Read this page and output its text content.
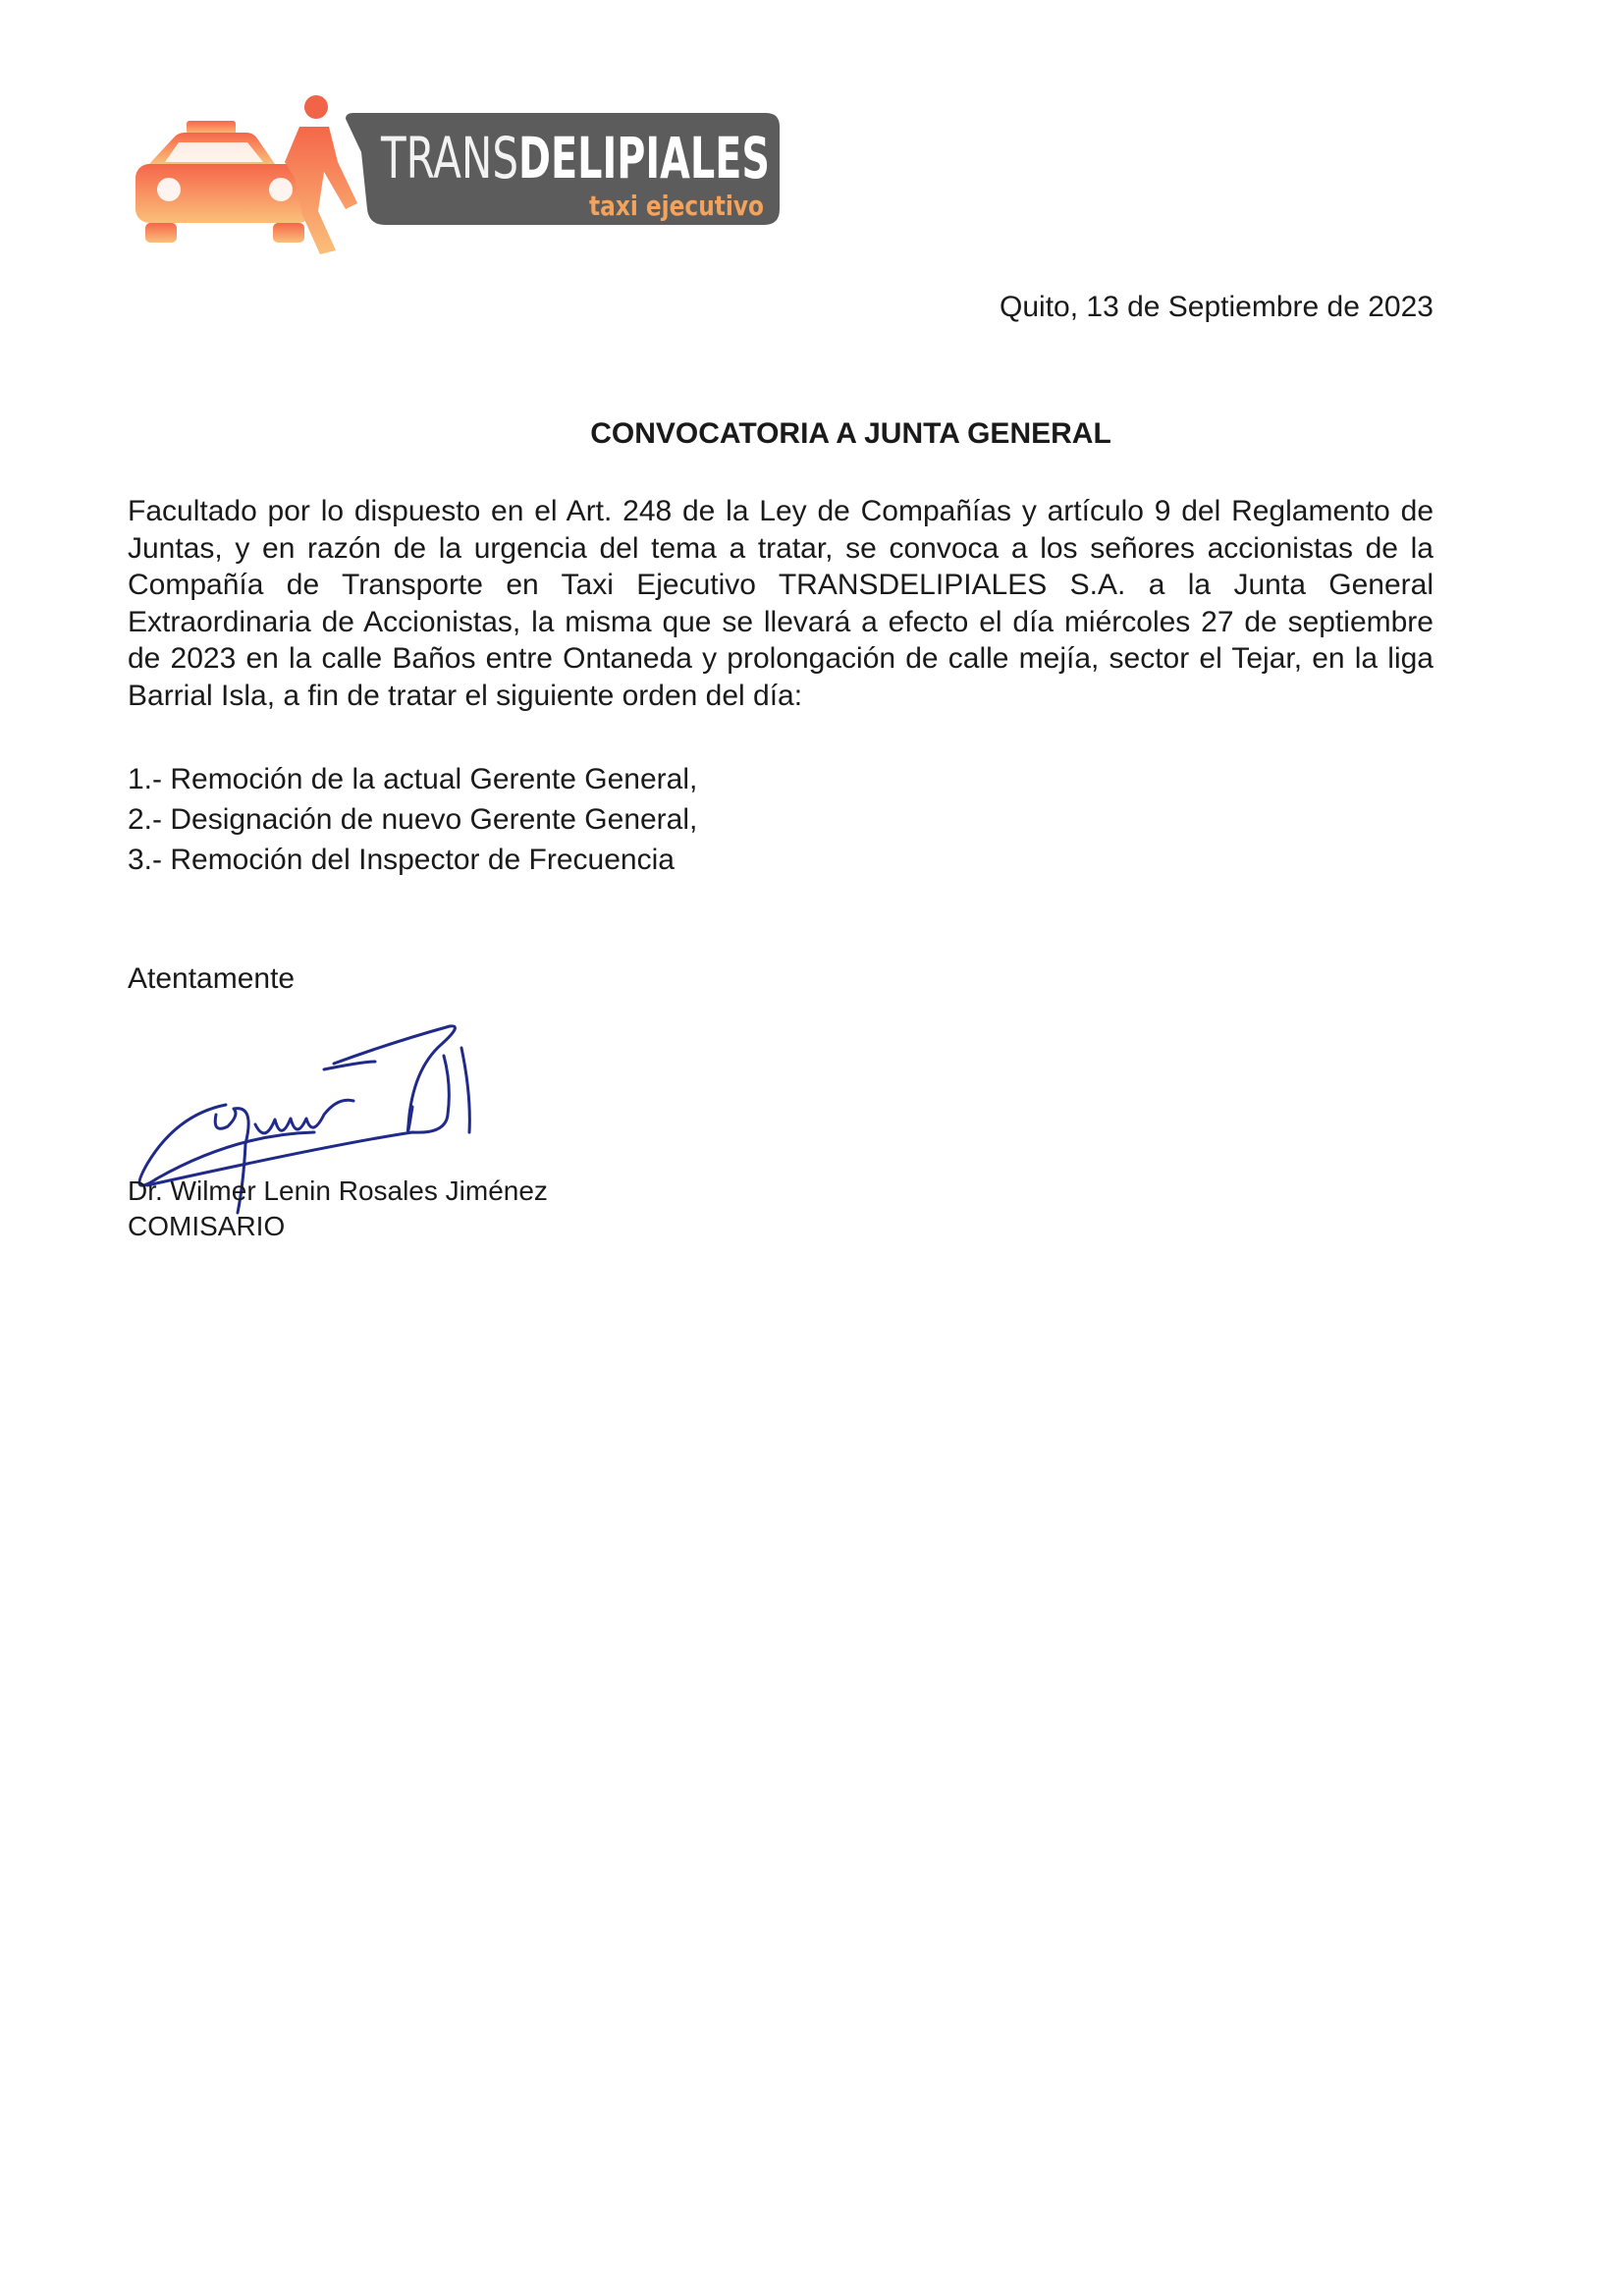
TRANS DELIPIALES
taxi ejecutivo
Quito, 13 de Septiembre de 2023
CONVOCATORIA A JUNTA GENERAL
Facultado por lo dispuesto en el Art. 248 de la Ley de Compañías y artículo 9 del Reglamento de Juntas, y en razón de la urgencia del tema a tratar, se convoca a los señores accionistas de la Compañía de Transporte en Taxi Ejecutivo TRANSDELIPIALES S.A. a la Junta General Extraordinaria de Accionistas, la misma que se llevará a efecto el día miércoles 27 de septiembre de 2023 en la calle Baños entre Ontaneda y prolongación de calle mejía, sector el Tejar, en la liga Barrial Isla, a fin de tratar el siguiente orden del día:
1.- Remoción de la actual Gerente General,
2.- Designación de nuevo Gerente General,
3.- Remoción del Inspector de Frecuencia
Atentamente
Dr. Wilmer Lenin Rosales Jiménez
COMISARIO
